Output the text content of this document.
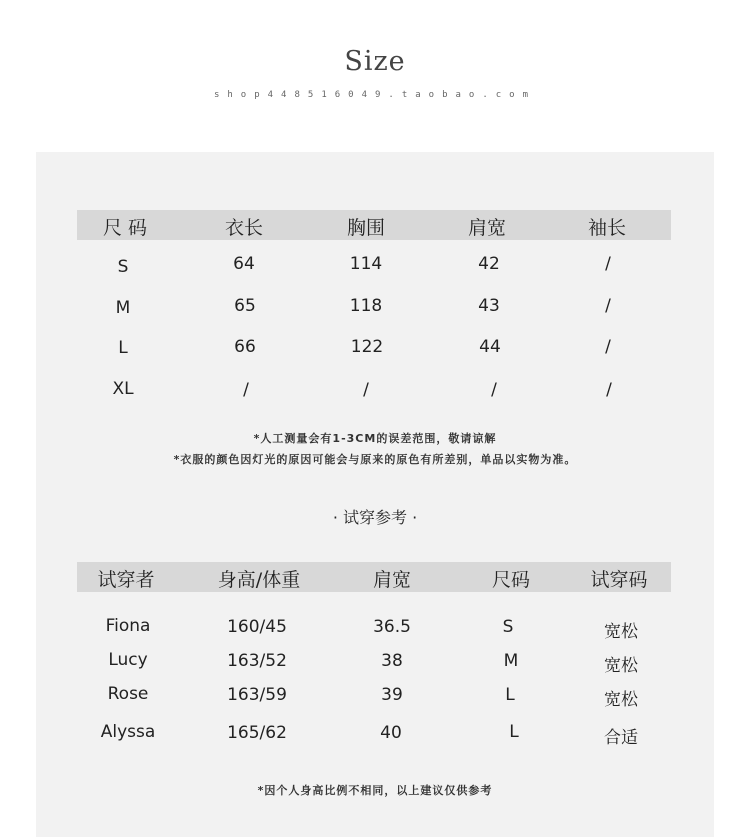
Size
shop448516049.taobao.com
尺 码	衣长	胸围	肩宽	袖长
S	64	114	42	/
M	65	118	43	/
L	66	122	44	/
XL	/	/	/	/
*人工测量会有1-3CM的误差范围，敬请谅解
*衣服的颜色因灯光的原因可能会与原来的原色有所差别，单品以实物为准。
· 试穿参考 ·
试穿者	身高/体重	肩宽	尺码	试穿码
Fiona	160/45	36.5	S	宽松
Lucy	163/52	38	M	宽松
Rose	163/59	39	L	宽松
Alyssa	165/62	40	L	合适
*因个人身高比例不相同，以上建议仅供参考
